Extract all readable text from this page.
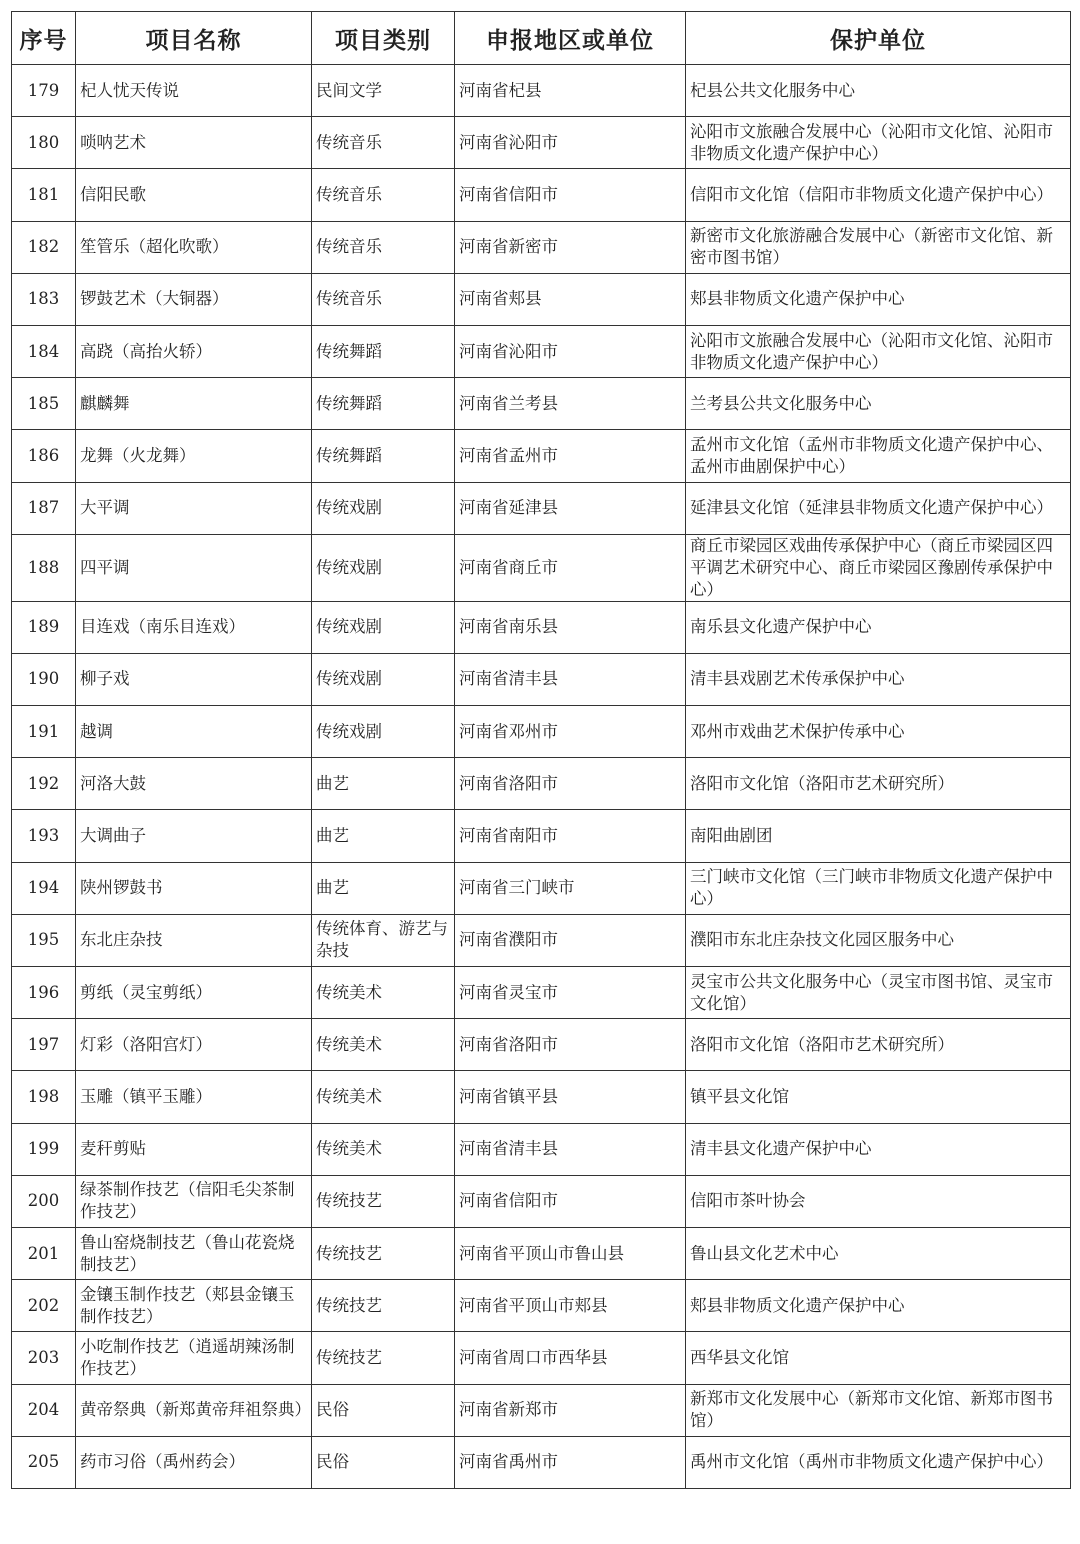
序号	项目名称	项目类别	申报地区或单位	保护单位
179	杞人忧天传说	民间文学	河南省杞县	杞县公共文化服务中心
180	唢呐艺术	传统音乐	河南省沁阳市	沁阳市文旅融合发展中心（沁阳市文化馆、沁阳市非物质文化遗产保护中心）
181	信阳民歌	传统音乐	河南省信阳市	信阳市文化馆（信阳市非物质文化遗产保护中心）
182	笙管乐（超化吹歌）	传统音乐	河南省新密市	新密市文化旅游融合发展中心（新密市文化馆、新密市图书馆）
183	锣鼓艺术（大铜器）	传统音乐	河南省郏县	郏县非物质文化遗产保护中心
184	高跷（高抬火轿）	传统舞蹈	河南省沁阳市	沁阳市文旅融合发展中心（沁阳市文化馆、沁阳市非物质文化遗产保护中心）
185	麒麟舞	传统舞蹈	河南省兰考县	兰考县公共文化服务中心
186	龙舞（火龙舞）	传统舞蹈	河南省孟州市	孟州市文化馆（孟州市非物质文化遗产保护中心、孟州市曲剧保护中心）
187	大平调	传统戏剧	河南省延津县	延津县文化馆（延津县非物质文化遗产保护中心）
188	四平调	传统戏剧	河南省商丘市	商丘市梁园区戏曲传承保护中心（商丘市梁园区四平调艺术研究中心、商丘市梁园区豫剧传承保护中心）
189	目连戏（南乐目连戏）	传统戏剧	河南省南乐县	南乐县文化遗产保护中心
190	柳子戏	传统戏剧	河南省清丰县	清丰县戏剧艺术传承保护中心
191	越调	传统戏剧	河南省邓州市	邓州市戏曲艺术保护传承中心
192	河洛大鼓	曲艺	河南省洛阳市	洛阳市文化馆（洛阳市艺术研究所）
193	大调曲子	曲艺	河南省南阳市	南阳曲剧团
194	陕州锣鼓书	曲艺	河南省三门峡市	三门峡市文化馆（三门峡市非物质文化遗产保护中心）
195	东北庄杂技	传统体育、游艺与杂技	河南省濮阳市	濮阳市东北庄杂技文化园区服务中心
196	剪纸（灵宝剪纸）	传统美术	河南省灵宝市	灵宝市公共文化服务中心（灵宝市图书馆、灵宝市文化馆）
197	灯彩（洛阳宫灯）	传统美术	河南省洛阳市	洛阳市文化馆（洛阳市艺术研究所）
198	玉雕（镇平玉雕）	传统美术	河南省镇平县	镇平县文化馆
199	麦秆剪贴	传统美术	河南省清丰县	清丰县文化遗产保护中心
200	绿茶制作技艺（信阳毛尖茶制作技艺）	传统技艺	河南省信阳市	信阳市茶叶协会
201	鲁山窑烧制技艺（鲁山花瓷烧制技艺）	传统技艺	河南省平顶山市鲁山县	鲁山县文化艺术中心
202	金镶玉制作技艺（郏县金镶玉制作技艺）	传统技艺	河南省平顶山市郏县	郏县非物质文化遗产保护中心
203	小吃制作技艺（逍遥胡辣汤制作技艺）	传统技艺	河南省周口市西华县	西华县文化馆
204	黄帝祭典（新郑黄帝拜祖祭典）	民俗	河南省新郑市	新郑市文化发展中心（新郑市文化馆、新郑市图书馆）
205	药市习俗（禹州药会）	民俗	河南省禹州市	禹州市文化馆（禹州市非物质文化遗产保护中心）
